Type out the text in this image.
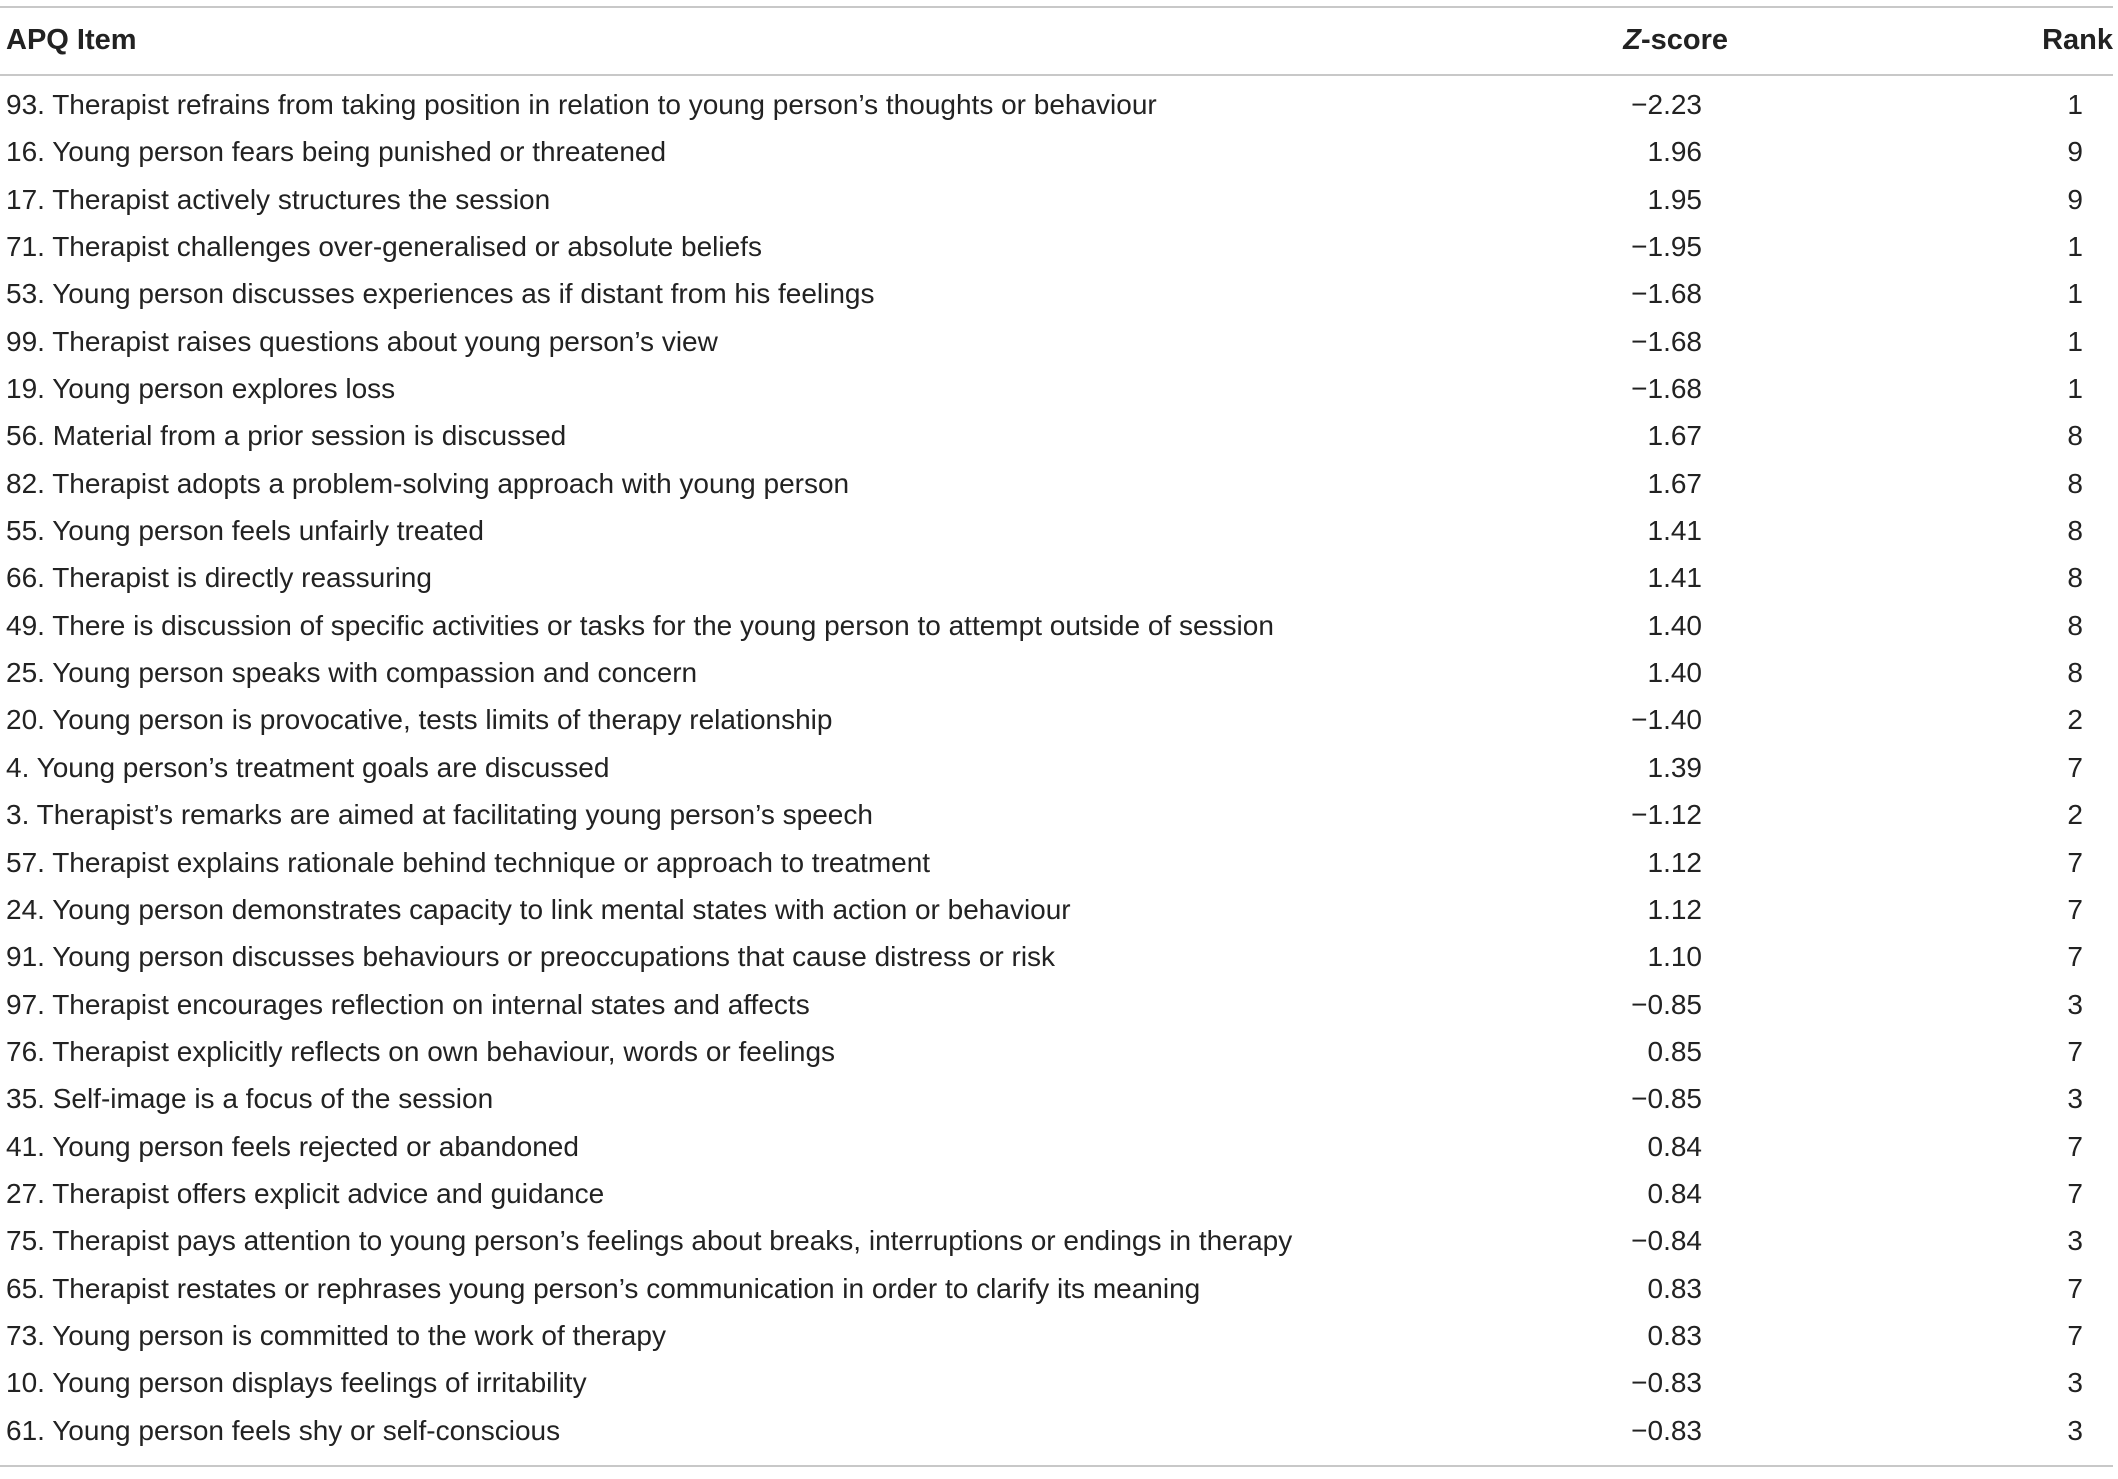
APQ Item	Z-score	Rank
93. Therapist refrains from taking position in relation to young person’s thoughts or behaviour	−2.23	1
16. Young person fears being punished or threatened	1.96	9
17. Therapist actively structures the session	1.95	9
71. Therapist challenges over-generalised or absolute beliefs	−1.95	1
53. Young person discusses experiences as if distant from his feelings	−1.68	1
99. Therapist raises questions about young person’s view	−1.68	1
19. Young person explores loss	−1.68	1
56. Material from a prior session is discussed	1.67	8
82. Therapist adopts a problem-solving approach with young person	1.67	8
55. Young person feels unfairly treated	1.41	8
66. Therapist is directly reassuring	1.41	8
49. There is discussion of specific activities or tasks for the young person to attempt outside of session	1.40	8
25. Young person speaks with compassion and concern	1.40	8
20. Young person is provocative, tests limits of therapy relationship	−1.40	2
4. Young person’s treatment goals are discussed	1.39	7
3. Therapist’s remarks are aimed at facilitating young person’s speech	−1.12	2
57. Therapist explains rationale behind technique or approach to treatment	1.12	7
24. Young person demonstrates capacity to link mental states with action or behaviour	1.12	7
91. Young person discusses behaviours or preoccupations that cause distress or risk	1.10	7
97. Therapist encourages reflection on internal states and affects	−0.85	3
76. Therapist explicitly reflects on own behaviour, words or feelings	0.85	7
35. Self-image is a focus of the session	−0.85	3
41. Young person feels rejected or abandoned	0.84	7
27. Therapist offers explicit advice and guidance	0.84	7
75. Therapist pays attention to young person’s feelings about breaks, interruptions or endings in therapy	−0.84	3
65. Therapist restates or rephrases young person’s communication in order to clarify its meaning	0.83	7
73. Young person is committed to the work of therapy	0.83	7
10. Young person displays feelings of irritability	−0.83	3
61. Young person feels shy or self-conscious	−0.83	3
